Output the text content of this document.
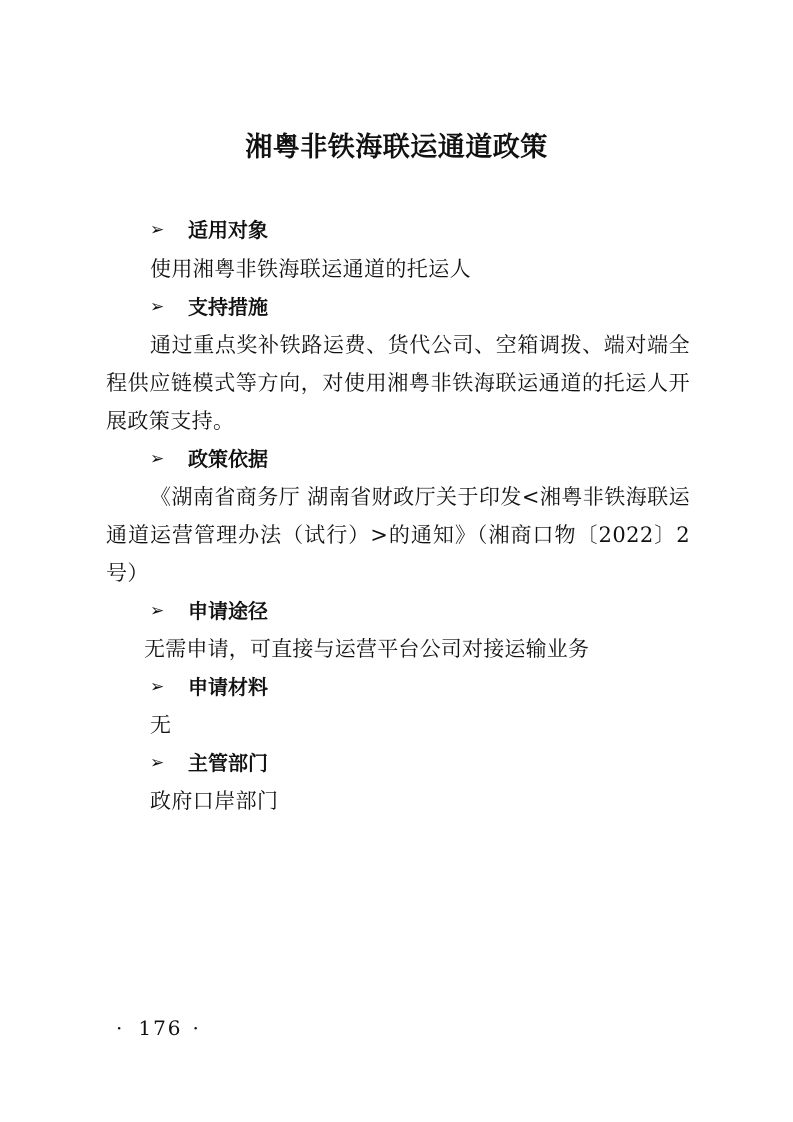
湘粤非铁海联运通道政策
➢	适用对象

使用湘粤非铁海联运通道的托运人

➢	支持措施

通过重点奖补铁路运费、货代公司、空箱调拨、端对端全程供应链模式等方向，对使用湘粤非铁海联运通道的托运人开展政策支持。

➢	政策依据

《湖南省商务厅 湖南省财政厅关于印发<湘粤非铁海联运通道运营管理办法（试行）>的通知》（湘商口物〔2022〕2号）

➢	申请途径

无需申请，可直接与运营平台公司对接运输业务

➢	申请材料

无

➢	主管部门

政府口岸部门

· 176 ·
